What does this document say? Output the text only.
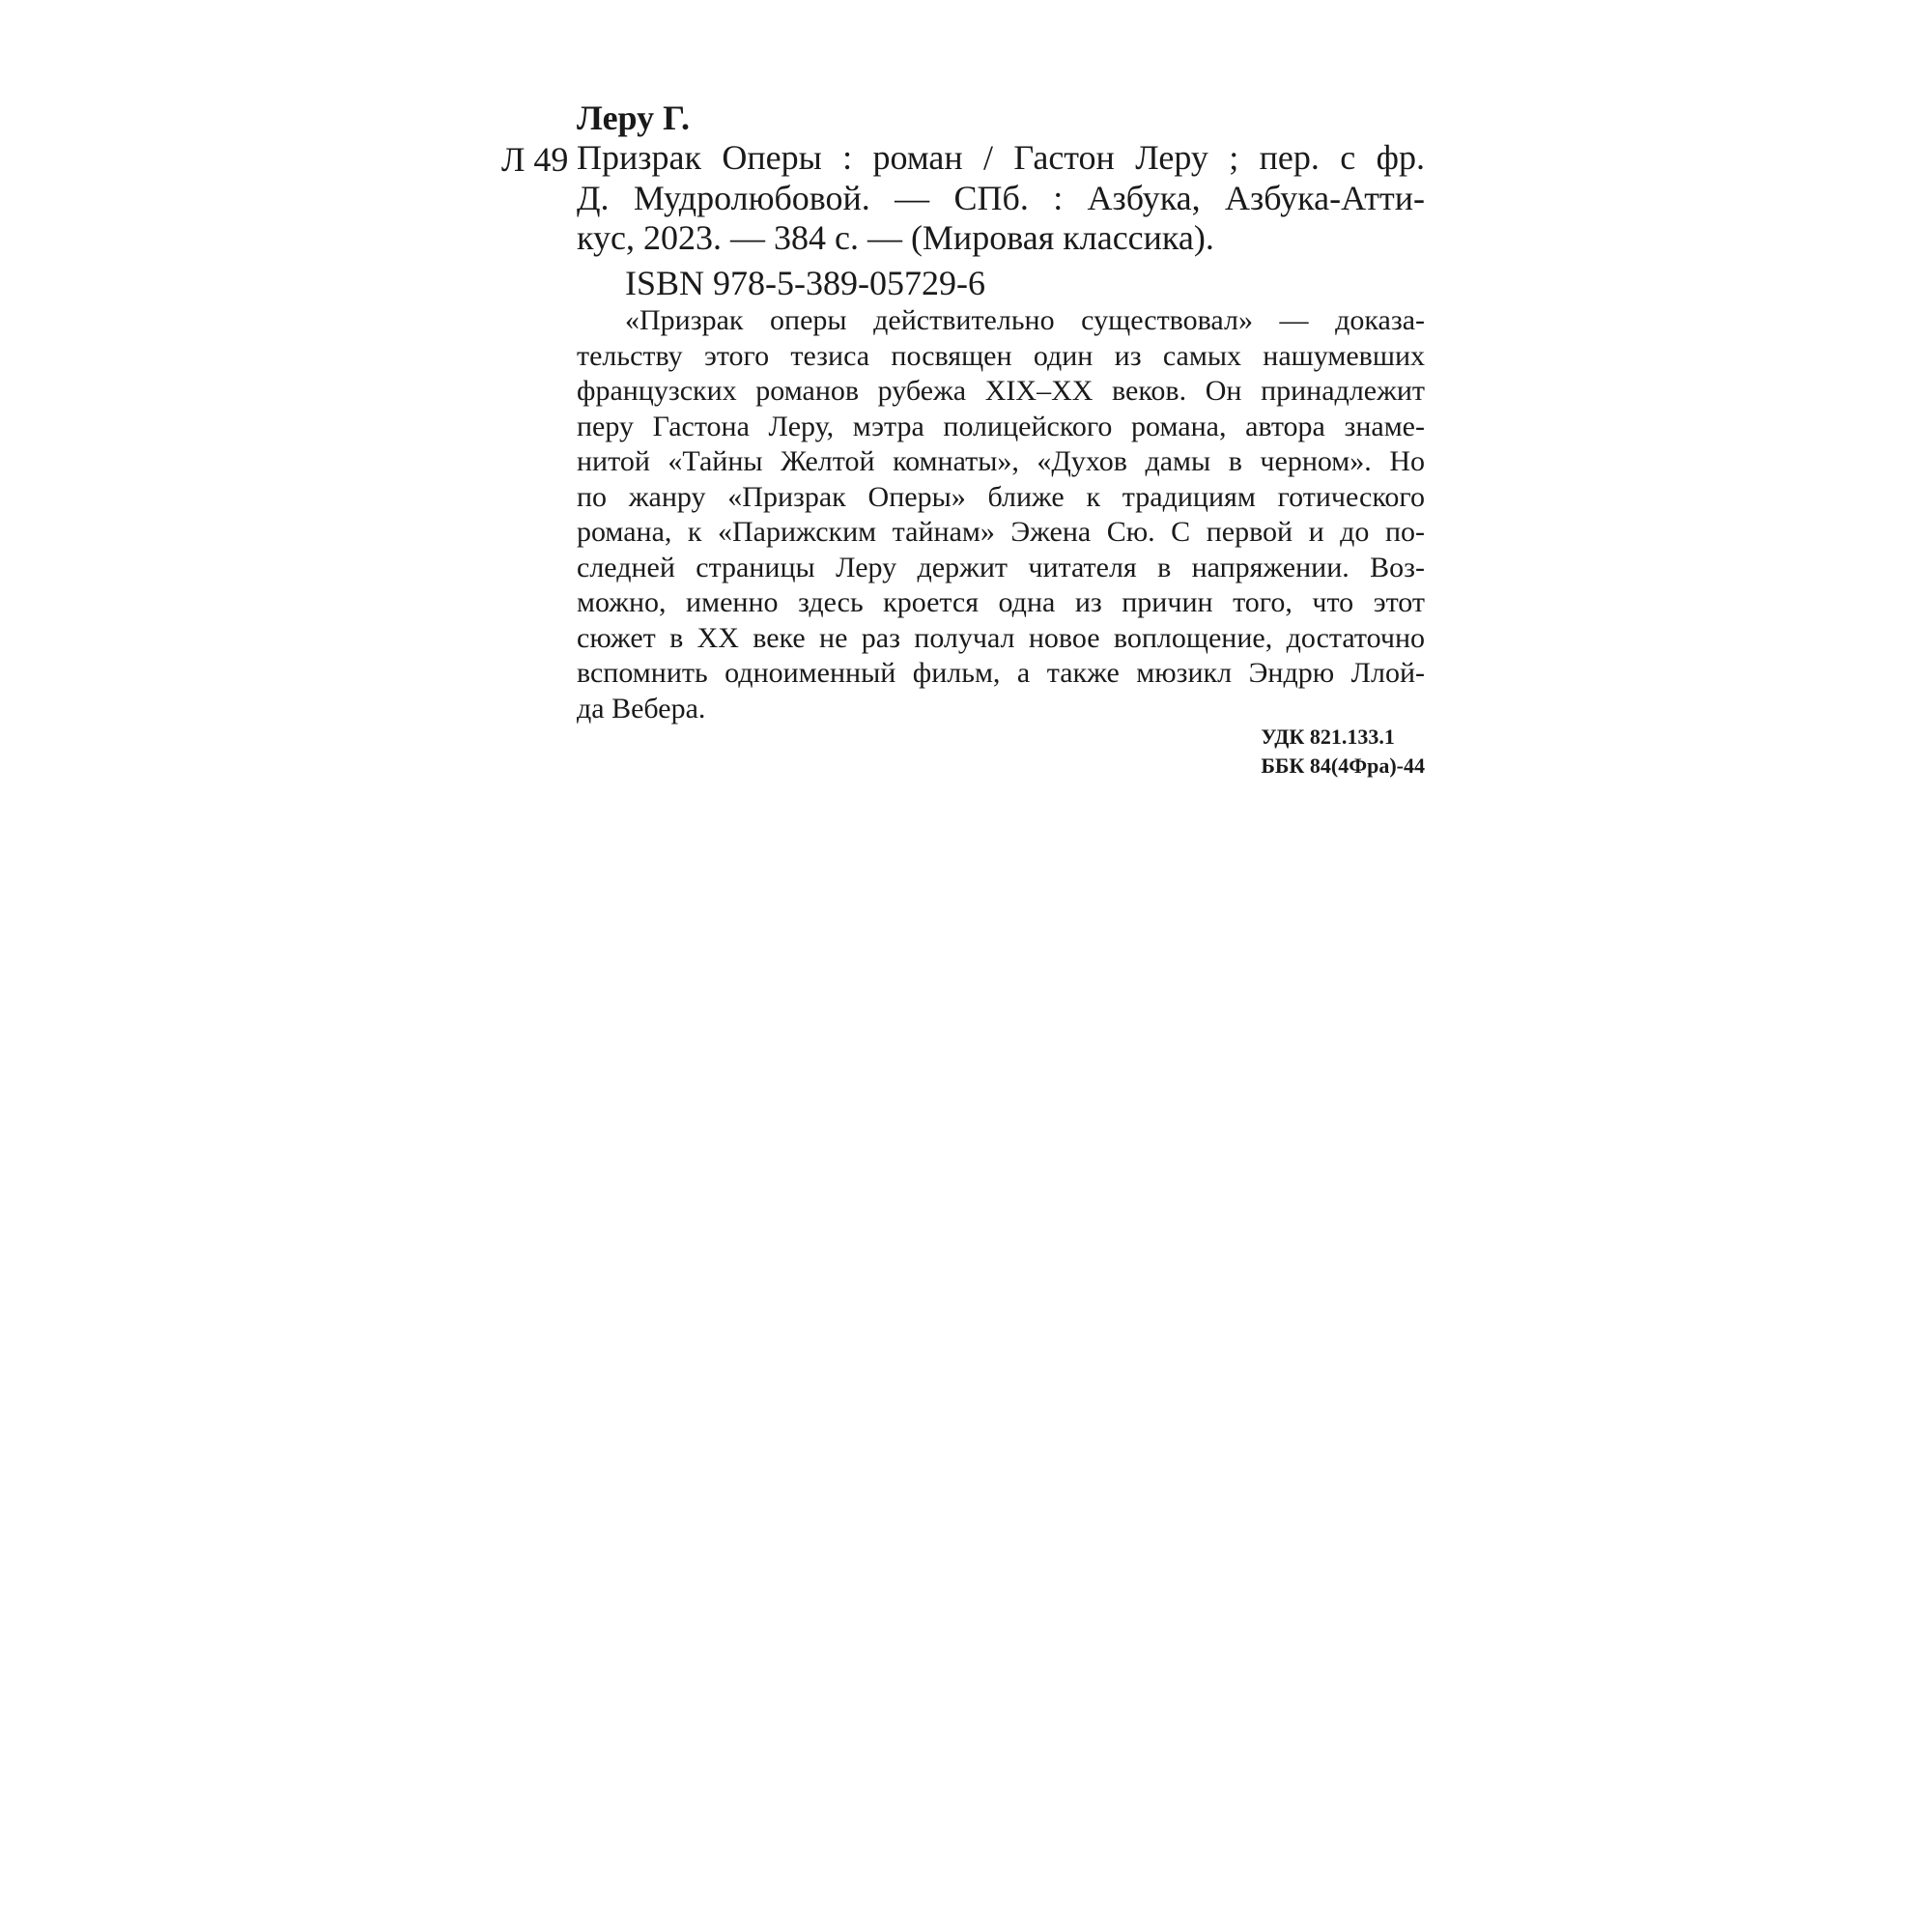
Леру Г.
Л 49 Призрак Оперы : роман / Гастон Леру ; пер. с фр.
Д. Мудролюбовой. — СПб. : Азбука, Азбука-Атти-
кус, 2023. — 384 с. — (Мировая классика).
ISBN 978-5-389-05729-6
«Призрак оперы действительно существовал» — доказа-
тельству этого тезиса посвящен один из самых нашумевших
французских романов рубежа XIX–XX веков. Он принадлежит
перу Гастона Леру, мэтра полицейского романа, автора знаме-
нитой «Тайны Желтой комнаты», «Духов дамы в черном». Но
по жанру «Призрак Оперы» ближе к традициям готического
романа, к «Парижским тайнам» Эжена Сю. С первой и до по-
следней страницы Леру держит читателя в напряжении. Воз-
можно, именно здесь кроется одна из причин того, что этот
сюжет в XX веке не раз получал новое воплощение, достаточно
вспомнить одноименный фильм, а также мюзикл Эндрю Ллой-
да Вебера.
УДК 821.133.1
ББК 84(4Фра)-44
